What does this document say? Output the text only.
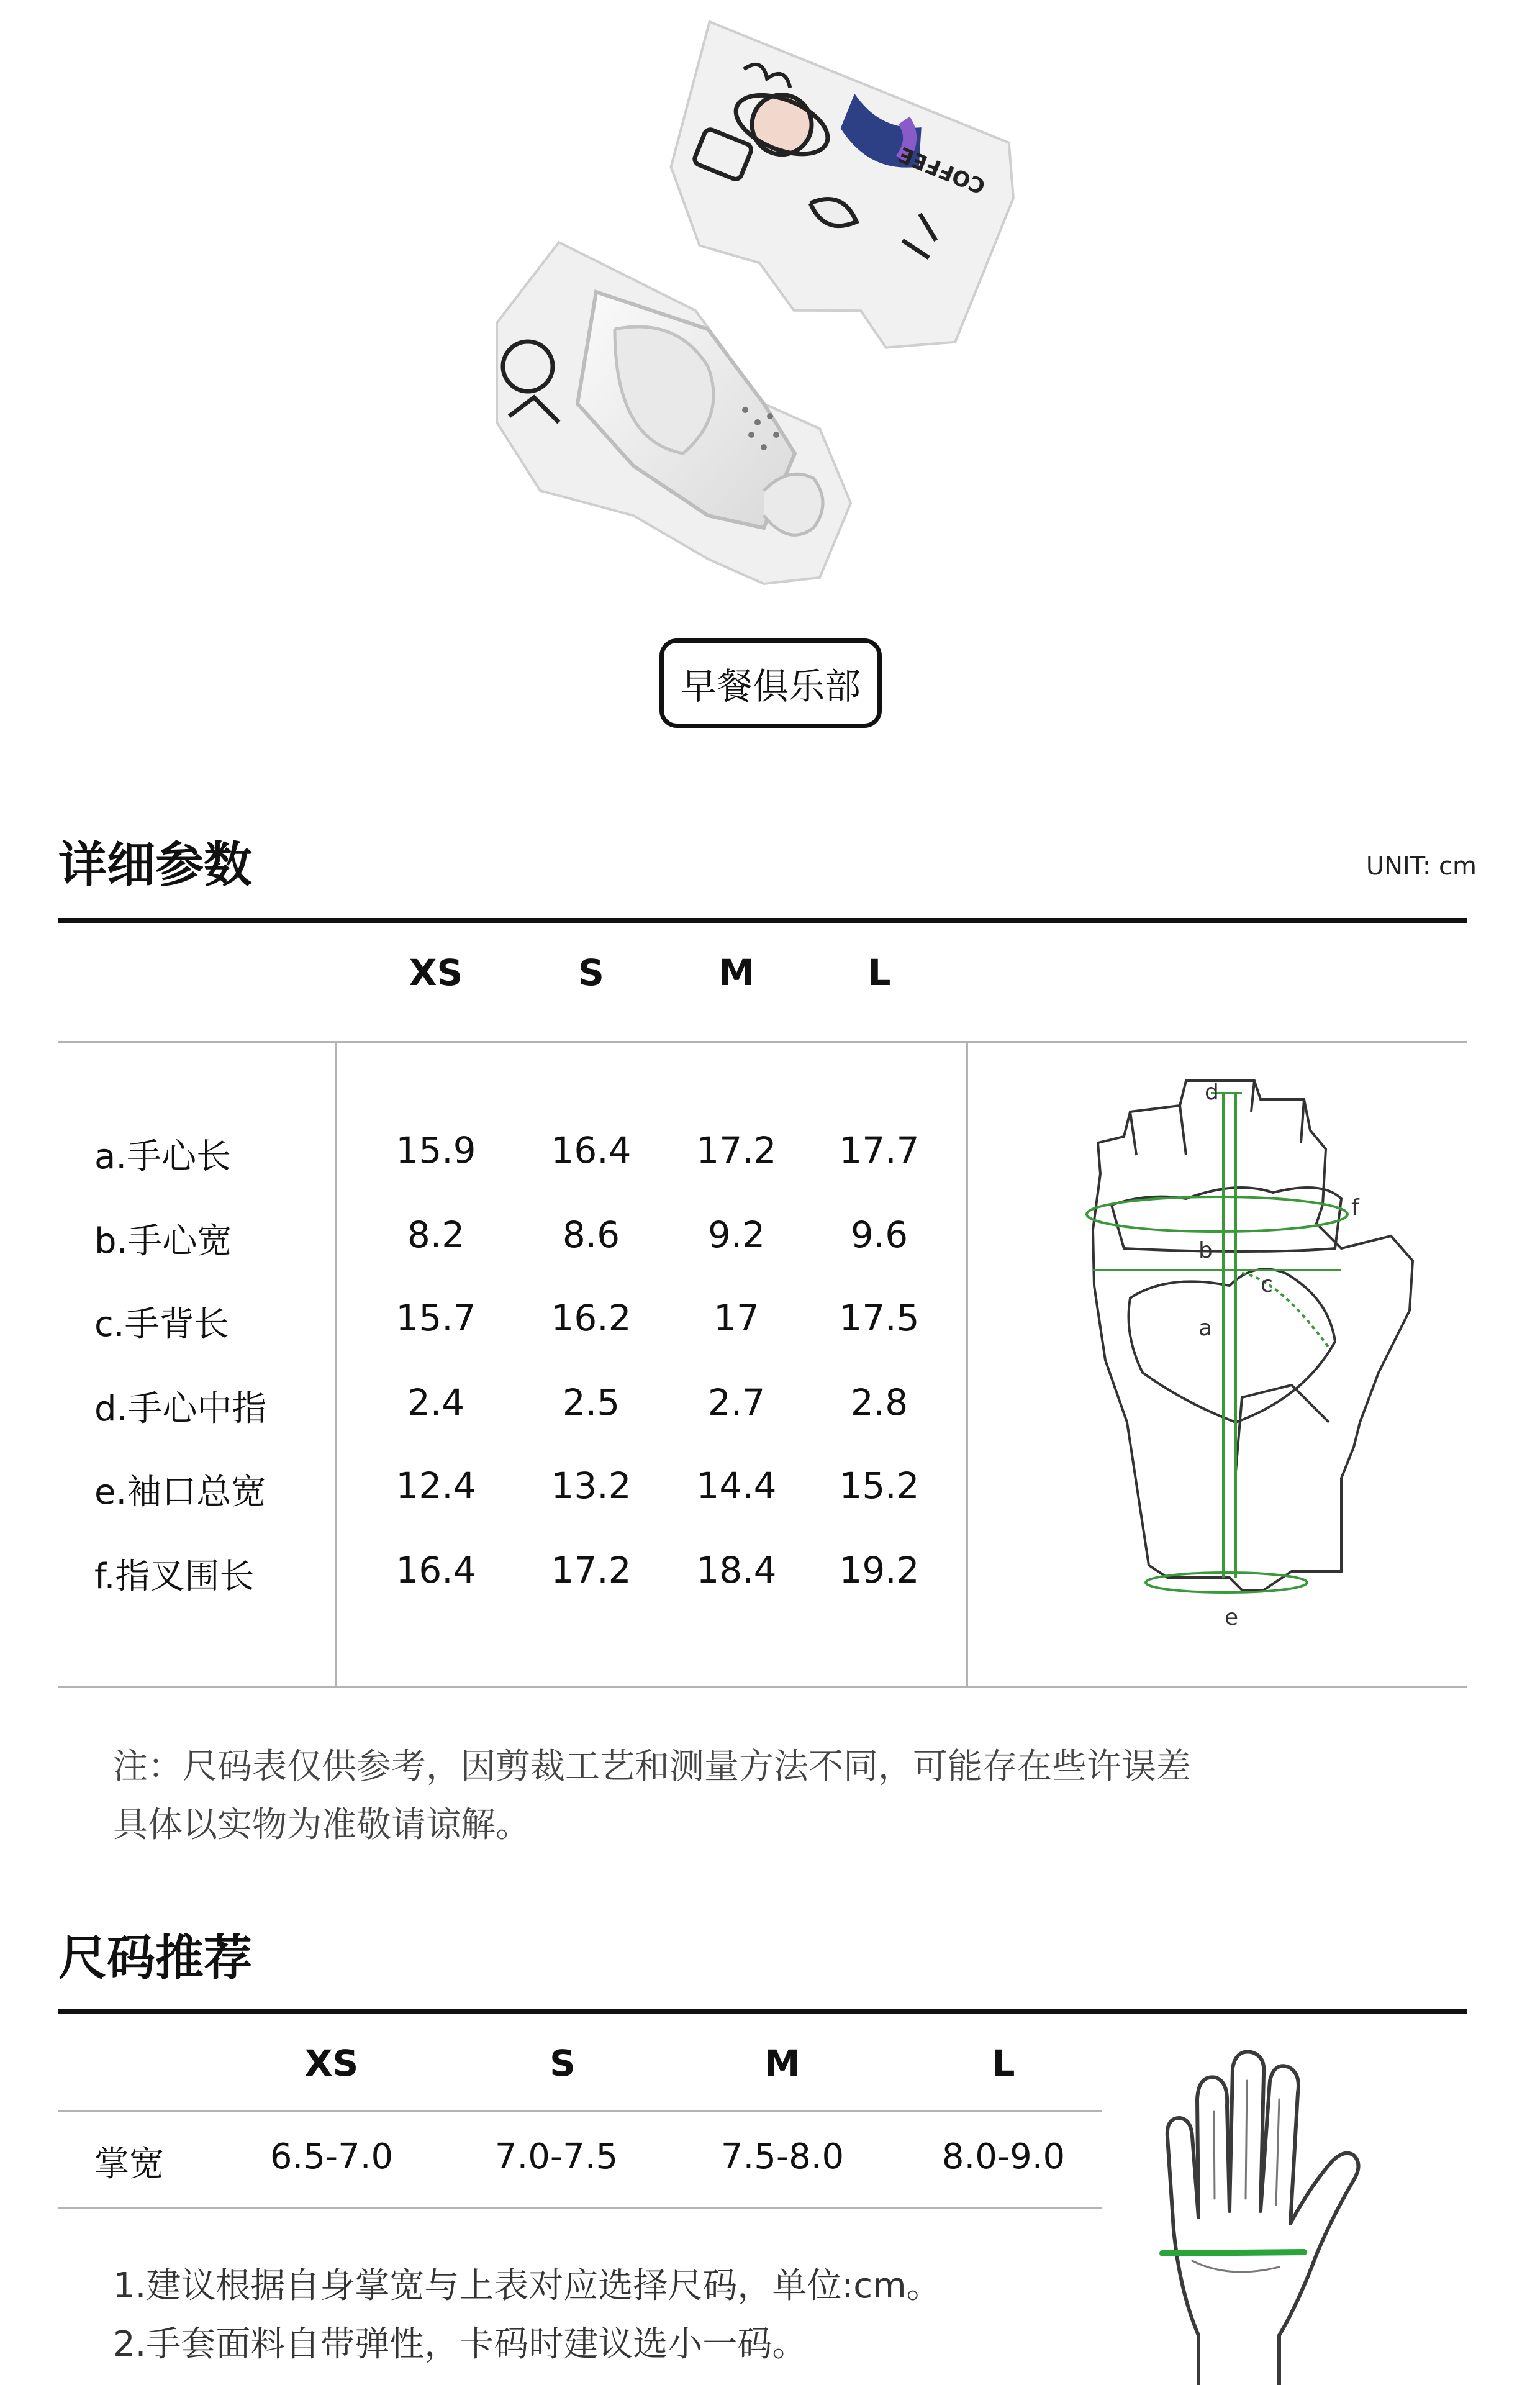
COFFEE
早餐俱乐部
详细参数	UNIT: cm
XS	S	M	L
a.手心长	15.9	16.4	17.2	17.7
b.手心宽	8.2	8.6	9.2	9.6
c.手背长	15.7	16.2	17	17.5
d.手心中指	2.4	2.5	2.7	2.8
e.袖口总宽	12.4	13.2	14.4	15.2
f.指叉围长	16.4	17.2	18.4	19.2
a
b
c
d
e
f
注：尺码表仅供参考，因剪裁工艺和测量方法不同，可能存在些许误差
具体以实物为准敬请谅解。
尺码推荐
XS	S	M	L
掌宽	6.5-7.0	7.0-7.5	7.5-8.0	8.0-9.0
1.建议根据自身掌宽与上表对应选择尺码，单位:cm。
2.手套面料自带弹性，卡码时建议选小一码。
